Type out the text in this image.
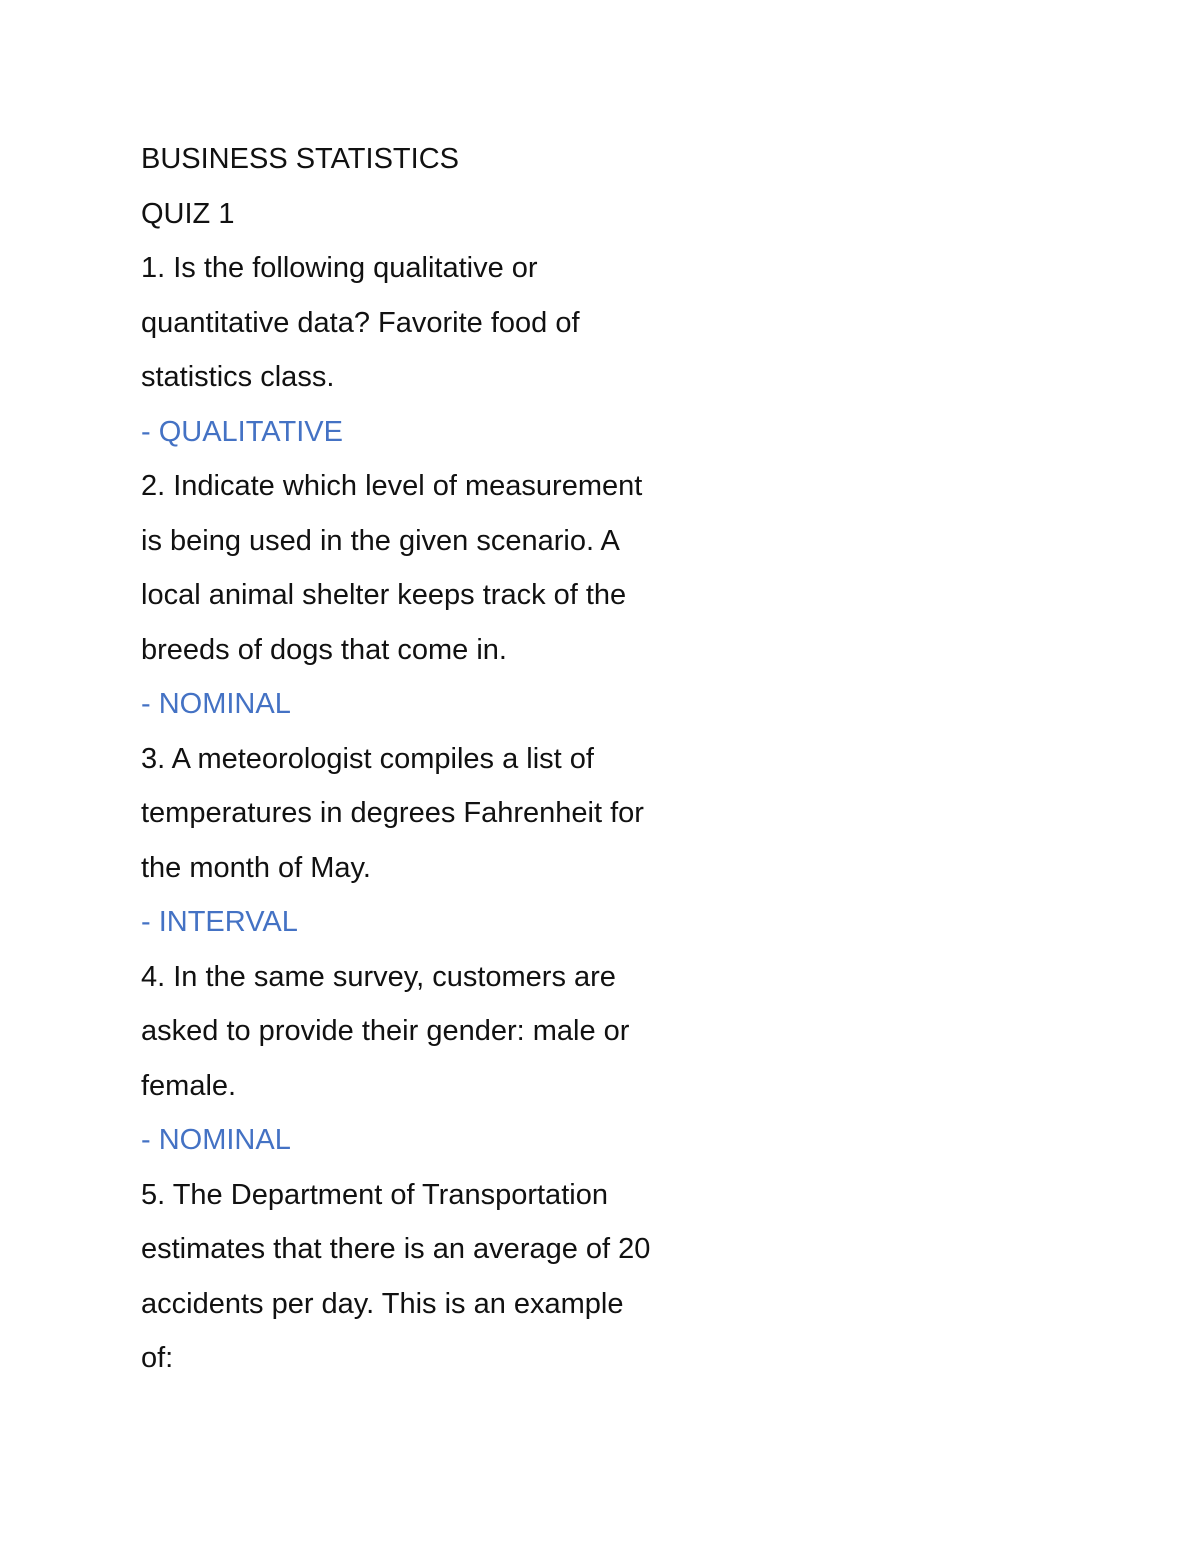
BUSINESS STATISTICS
QUIZ 1
1. Is the following qualitative or
quantitative data? Favorite food of
statistics class.
- QUALITATIVE
2. Indicate which level of measurement
is being used in the given scenario. A
local animal shelter keeps track of the
breeds of dogs that come in.
- NOMINAL
3. A meteorologist compiles a list of
temperatures in degrees Fahrenheit for
the month of May.
- INTERVAL
4. In the same survey, customers are
asked to provide their gender: male or
female.
- NOMINAL
5. The Department of Transportation
estimates that there is an average of 20
accidents per day. This is an example
of:
